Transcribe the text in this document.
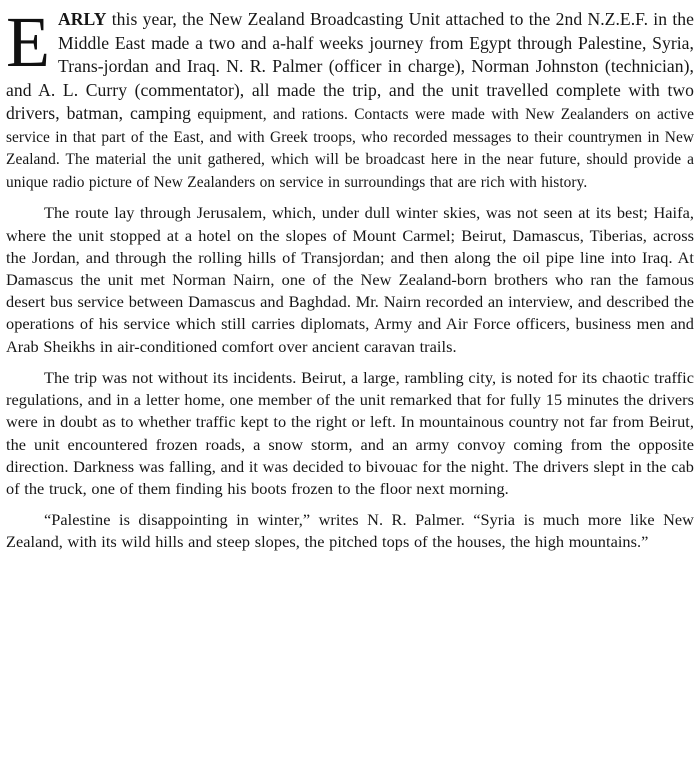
EARLY this year, the New Zealand Broadcasting Unit attached to the 2nd N.Z.E.F. in the Middle East made a two and a-half weeks journey from Egypt through Palestine, Syria, Trans-jordan and Iraq. N. R. Palmer (officer in charge), Norman Johnston (technician), and A. L. Curry (commentator), all made the trip, and the unit travelled complete with two drivers, batman, camping equipment, and rations. Contacts were made with New Zealanders on active service in that part of the East, and with Greek troops, who recorded messages to their countrymen in New Zealand. The material the unit gathered, which will be broadcast here in the near future, should provide a unique radio picture of New Zealanders on service in surroundings that are rich with history.

The route lay through Jerusalem, which, under dull winter skies, was not seen at its best; Haifa, where the unit stopped at a hotel on the slopes of Mount Carmel; Beirut, Damascus, Tiberias, across the Jordan, and through the rolling hills of Transjordan; and then along the oil pipe line into Iraq. At Damascus the unit met Norman Nairn, one of the New Zealand-born brothers who ran the famous desert bus service between Damascus and Baghdad. Mr. Nairn recorded an interview, and described the operations of his service which still carries diplomats, Army and Air Force officers, business men and Arab Sheikhs in air-conditioned comfort over ancient caravan trails.

The trip was not without its incidents. Beirut, a large, rambling city, is noted for its chaotic traffic regulations, and in a letter home, one member of the unit remarked that for fully 15 minutes the drivers were in doubt as to whether traffic kept to the right or left. In mountainous country not far from Beirut, the unit encountered frozen roads, a snow storm, and an army convoy coming from the opposite direction. Darkness was falling, and it was decided to bivouac for the night. The drivers slept in the cab of the truck, one of them finding his boots frozen to the floor next morning.

“Palestine is disappointing in winter,” writes N. R. Palmer. “Syria is much more like New Zealand, with its wild hills and steep slopes, the pitched tops of the houses, the high mountains.”
